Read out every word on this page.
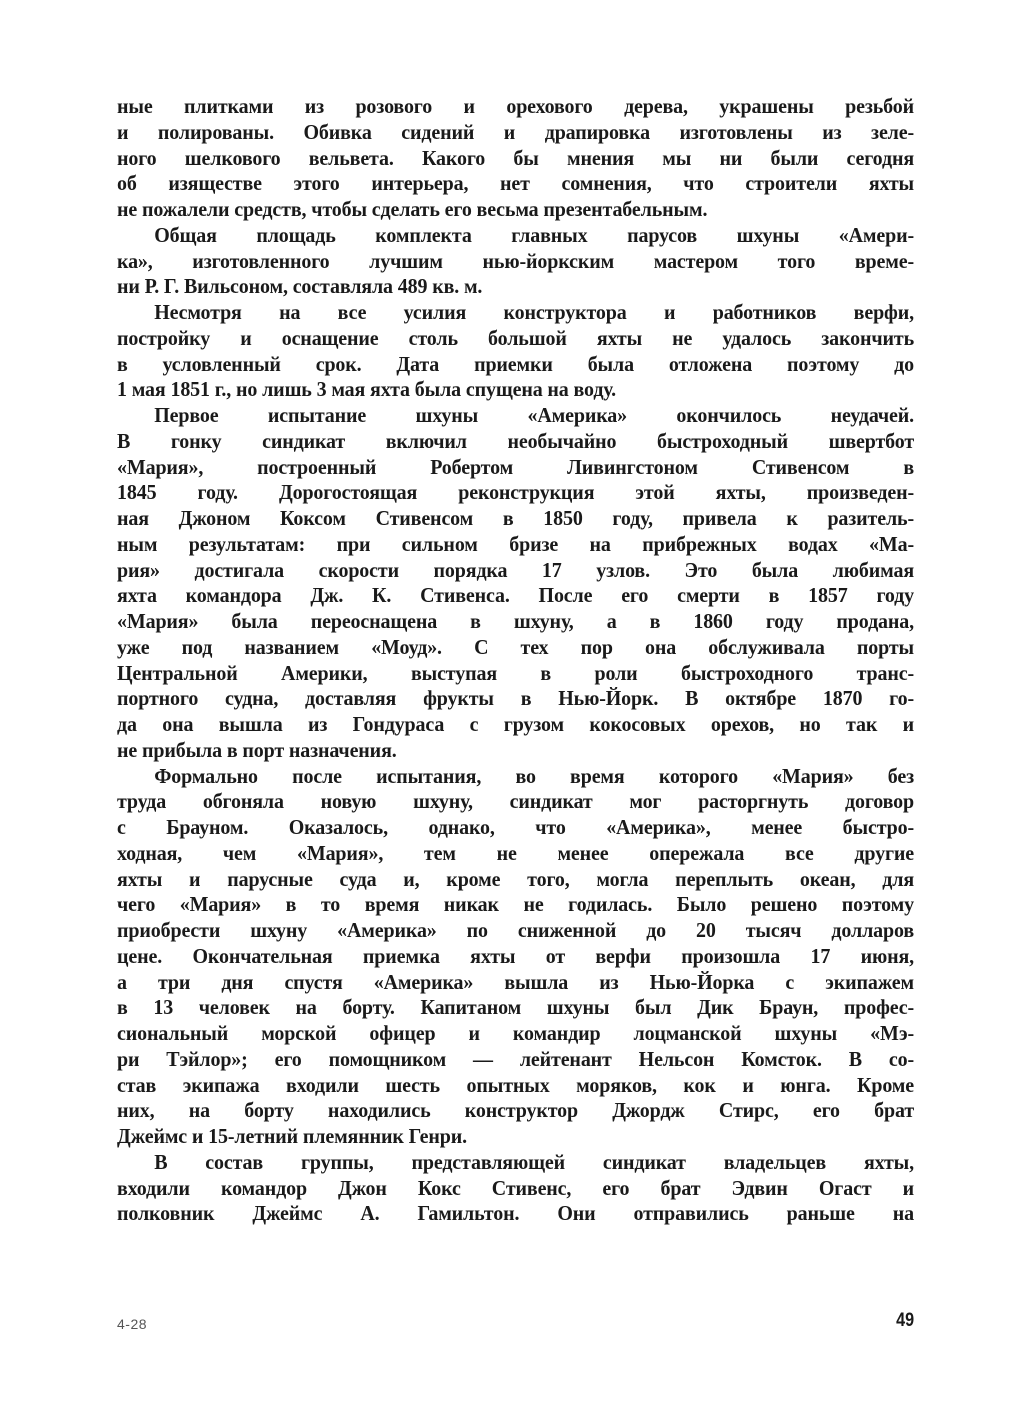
ные плитками из розового и орехового дерева, украшены резьбой
и полированы. Обивка сидений и драпировка изготовлены из зеле-
ного шелкового вельвета. Какого бы мнения мы ни были сегодня
об изяществе этого интерьера, нет сомнения, что строители яхты
не пожалели средств, чтобы сделать его весьма презентабельным.
Общая площадь комплекта главных парусов шхуны «Амери-
ка», изготовленного лучшим нью-йоркским мастером того време-
ни Р. Г. Вильсоном, составляла 489 кв. м.
Несмотря на все усилия конструктора и работников верфи,
постройку и оснащение столь большой яхты не удалось закончить
в условленный срок. Дата приемки была отложена поэтому до
1 мая 1851 г., но лишь 3 мая яхта была спущена на воду.
Первое испытание шхуны «Америка» окончилось неудачей.
В гонку синдикат включил необычайно быстроходный швертбот
«Мария», построенный Робертом Ливингстоном Стивенсом в
1845 году. Дорогостоящая реконструкция этой яхты, произведен-
ная Джоном Коксом Стивенсом в 1850 году, привела к разитель-
ным результатам: при сильном бризе на прибрежных водах «Ма-
рия» достигала скорости порядка 17 узлов. Это была любимая
яхта командора Дж. К. Стивенса. После его смерти в 1857 году
«Мария» была переоснащена в шхуну, а в 1860 году продана,
уже под названием «Моуд». С тех пор она обслуживала порты
Центральной Америки, выступая в роли быстроходного транс-
портного судна, доставляя фрукты в Нью-Йорк. В октябре 1870 го-
да она вышла из Гондураса с грузом кокосовых орехов, но так и
не прибыла в порт назначения.
Формально после испытания, во время которого «Мария» без
труда обгоняла новую шхуну, синдикат мог расторгнуть договор
с Брауном. Оказалось, однако, что «Америка», менее быстро-
ходная, чем «Мария», тем не менее опережала все другие
яхты и парусные суда и, кроме того, могла переплыть океан, для
чего «Мария» в то время никак не годилась. Было решено поэтому
приобрести шхуну «Америка» по сниженной до 20 тысяч долларов
цене. Окончательная приемка яхты от верфи произошла 17 июня,
а три дня спустя «Америка» вышла из Нью-Йорка с экипажем
в 13 человек на борту. Капитаном шхуны был Дик Браун, профес-
сиональный морской офицер и командир лоцманской шхуны «Мэ-
ри Тэйлор»; его помощником — лейтенант Нельсон Комсток. В со-
став экипажа входили шесть опытных моряков, кок и юнга. Кроме
них, на борту находились конструктор Джордж Стирс, его брат
Джеймс и 15-летний племянник Генри.
В состав группы, представляющей синдикат владельцев яхты,
входили командор Джон Кокс Стивенс, его брат Эдвин Огаст и
полковник Джеймс А. Гамильтон. Они отправились раньше на
4-28	49
